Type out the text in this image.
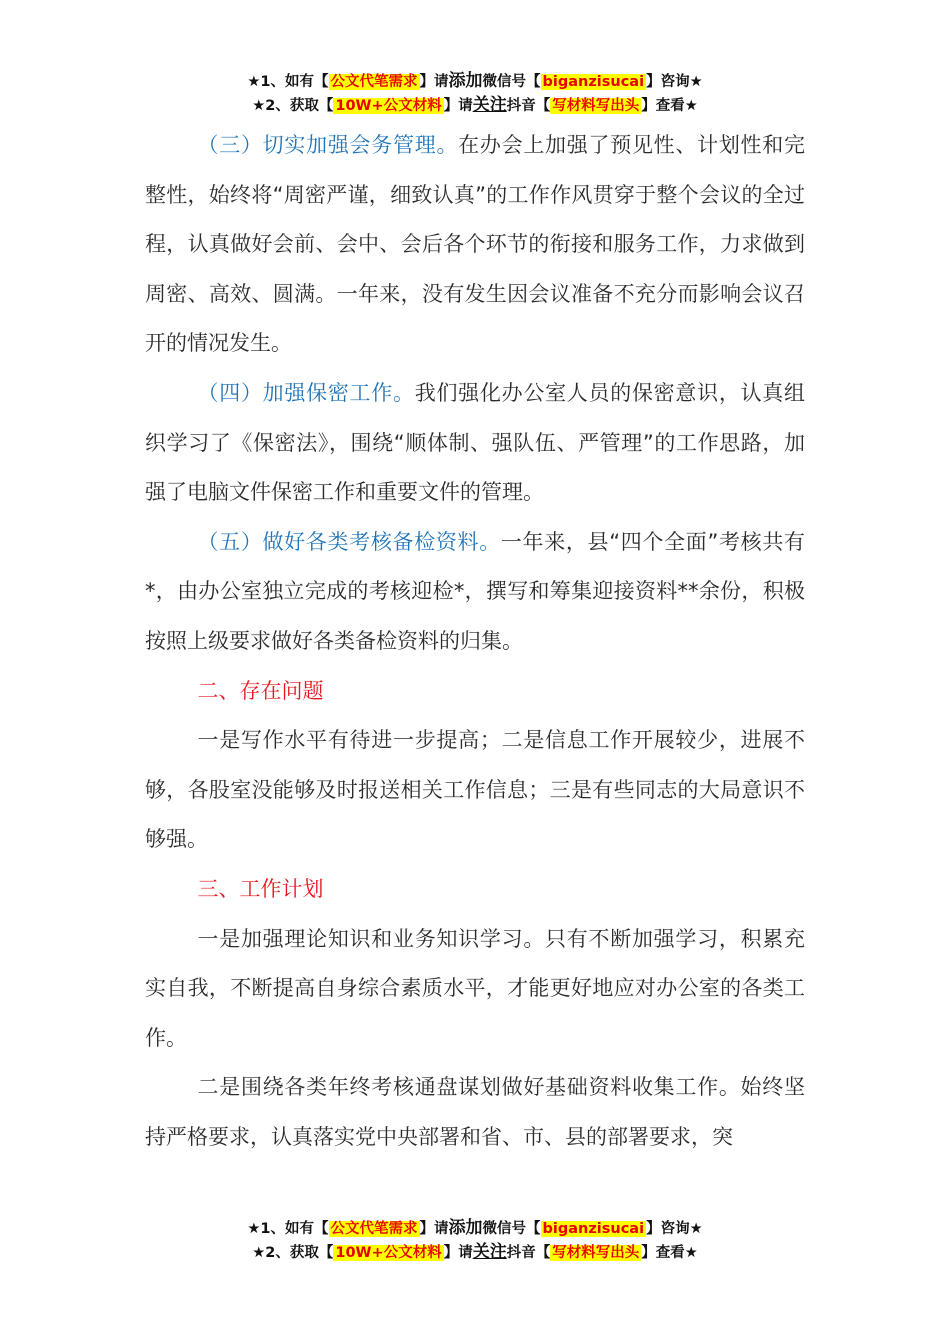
★1、如有【 公文代笔需求 】请添加微信号【 biganzisucai 】咨询★
★2、获取【 10W+公文材料 】请关注抖音【 写材料写出头 】查看★

（三）切实加强会务管理。在办会上加强了预见性、计划性和完整性，始终将“周密严谨，细致认真”的工作作风贯穿于整个会议的全过程，认真做好会前、会中、会后各个环节的衔接和服务工作，力求做到周密、高效、圆满。一年来，没有发生因会议准备不充分而影响会议召开的情况发生。

（四）加强保密工作。我们强化办公室人员的保密意识，认真组织学习了《保密法》，围绕“顺体制、强队伍、严管理”的工作思路，加强了电脑文件保密工作和重要文件的管理。

（五）做好各类考核备检资料。一年来，县“四个全面”考核共有*，由办公室独立完成的考核迎检*，撰写和筹集迎接资料**余份，积极按照上级要求做好各类备检资料的归集。

二、存在问题

一是写作水平有待进一步提高；二是信息工作开展较少，进展不够，各股室没能够及时报送相关工作信息；三是有些同志的大局意识不够强。

三、工作计划

一是加强理论知识和业务知识学习。只有不断加强学习，积累充实自我，不断提高自身综合素质水平，才能更好地应对办公室的各类工作。

二是围绕各类年终考核通盘谋划做好基础资料收集工作。始终坚持严格要求，认真落实党中央部署和省、市、县的部署要求，突

★1、如有【 公文代笔需求 】请添加微信号【 biganzisucai 】咨询★
★2、获取【 10W+公文材料 】请关注抖音【 写材料写出头 】查看★
